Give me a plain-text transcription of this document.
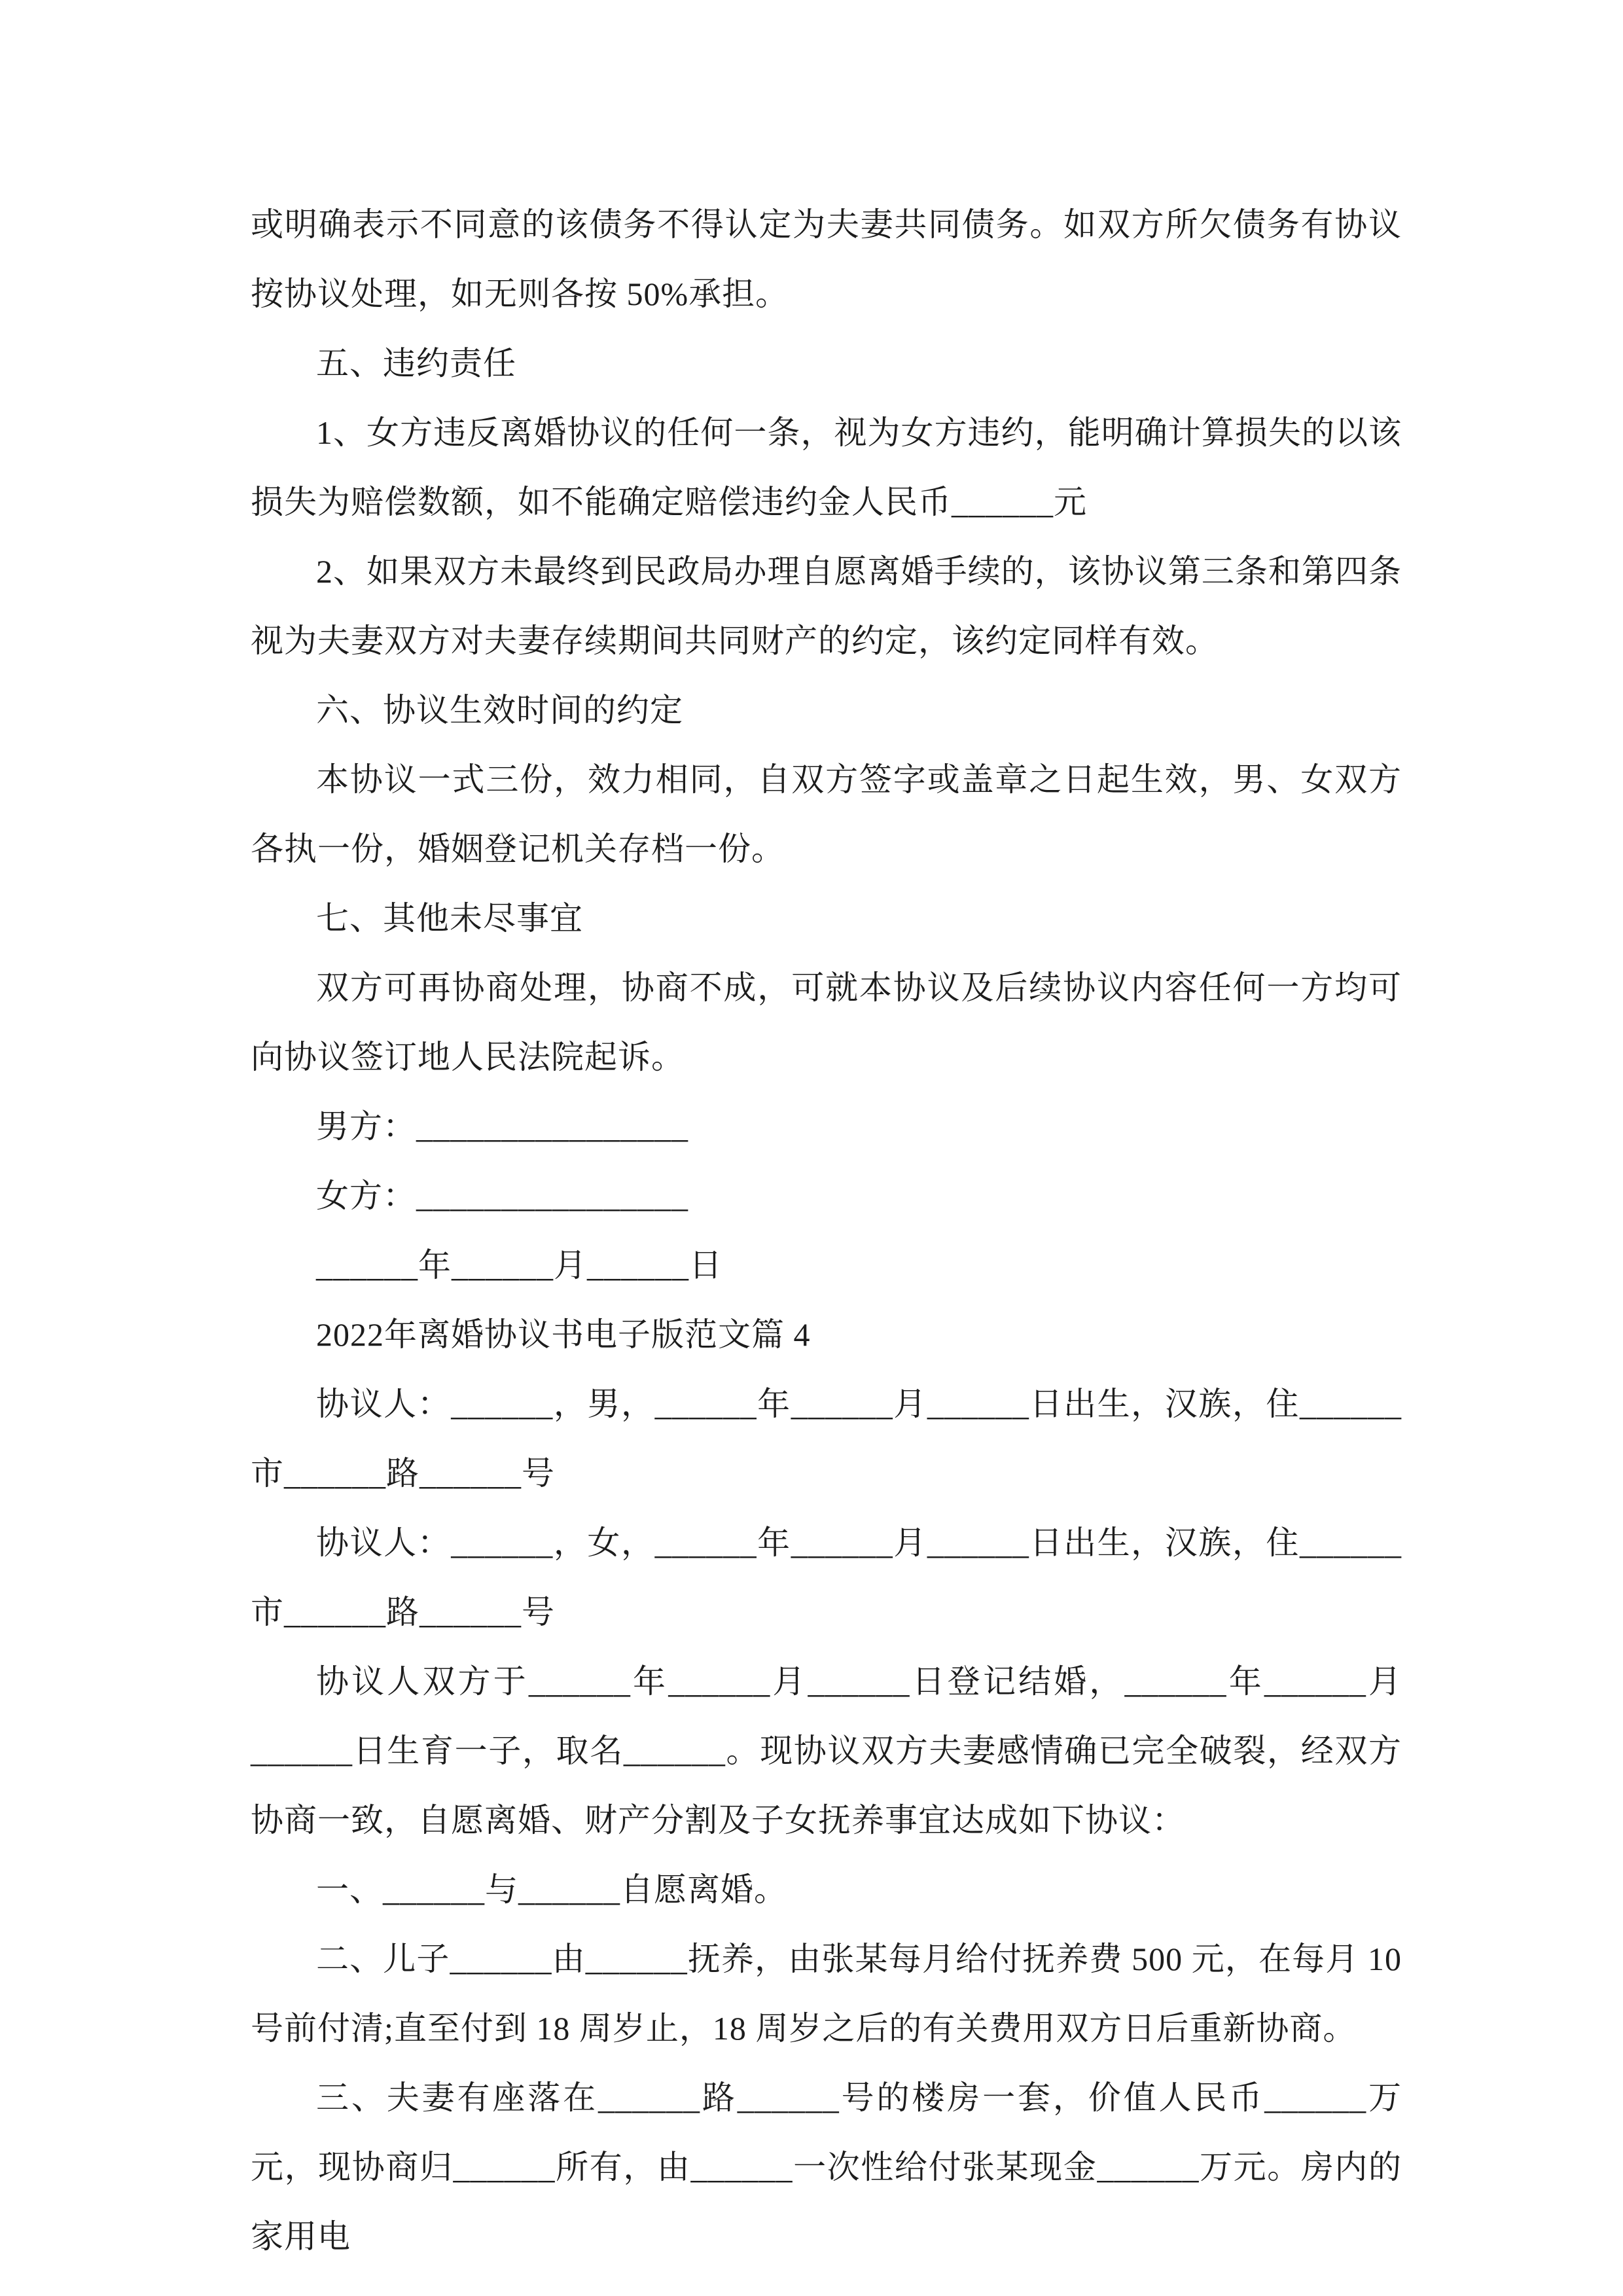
或明确表示不同意的该债务不得认定为夫妻共同债务。如双方所欠债务有协议按协议处理，如无则各按 50%承担。

五、违约责任

1、女方违反离婚协议的任何一条，视为女方违约，能明确计算损失的以该损失为赔偿数额，如不能确定赔偿违约金人民币______元

2、如果双方未最终到民政局办理自愿离婚手续的，该协议第三条和第四条视为夫妻双方对夫妻存续期间共同财产的约定，该约定同样有效。

六、协议生效时间的约定

本协议一式三份，效力相同，自双方签字或盖章之日起生效，男、女双方各执一份，婚姻登记机关存档一份。

七、其他未尽事宜

双方可再协商处理，协商不成，可就本协议及后续协议内容任何一方均可向协议签订地人民法院起诉。

男方：________________

女方：________________

______年______月______日

2022年离婚协议书电子版范文篇 4

协议人：______，男，______年______月______日出生，汉族，住______市______路______号

协议人：______，女，______年______月______日出生，汉族，住______市______路______号

协议人双方于______年______月______日登记结婚，______年______月______日生育一子，取名______。现协议双方夫妻感情确已完全破裂，经双方协商一致，自愿离婚、财产分割及子女抚养事宜达成如下协议：

一、______与______自愿离婚。

二、儿子______由______抚养，由张某每月给付抚养费 500 元，在每月 10 号前付清;直至付到 18 周岁止，18 周岁之后的有关费用双方日后重新协商。

三、夫妻有座落在______路______号的楼房一套，价值人民币______万元，现协商归______所有，由______一次性给付张某现金______万元。房内的家用电
